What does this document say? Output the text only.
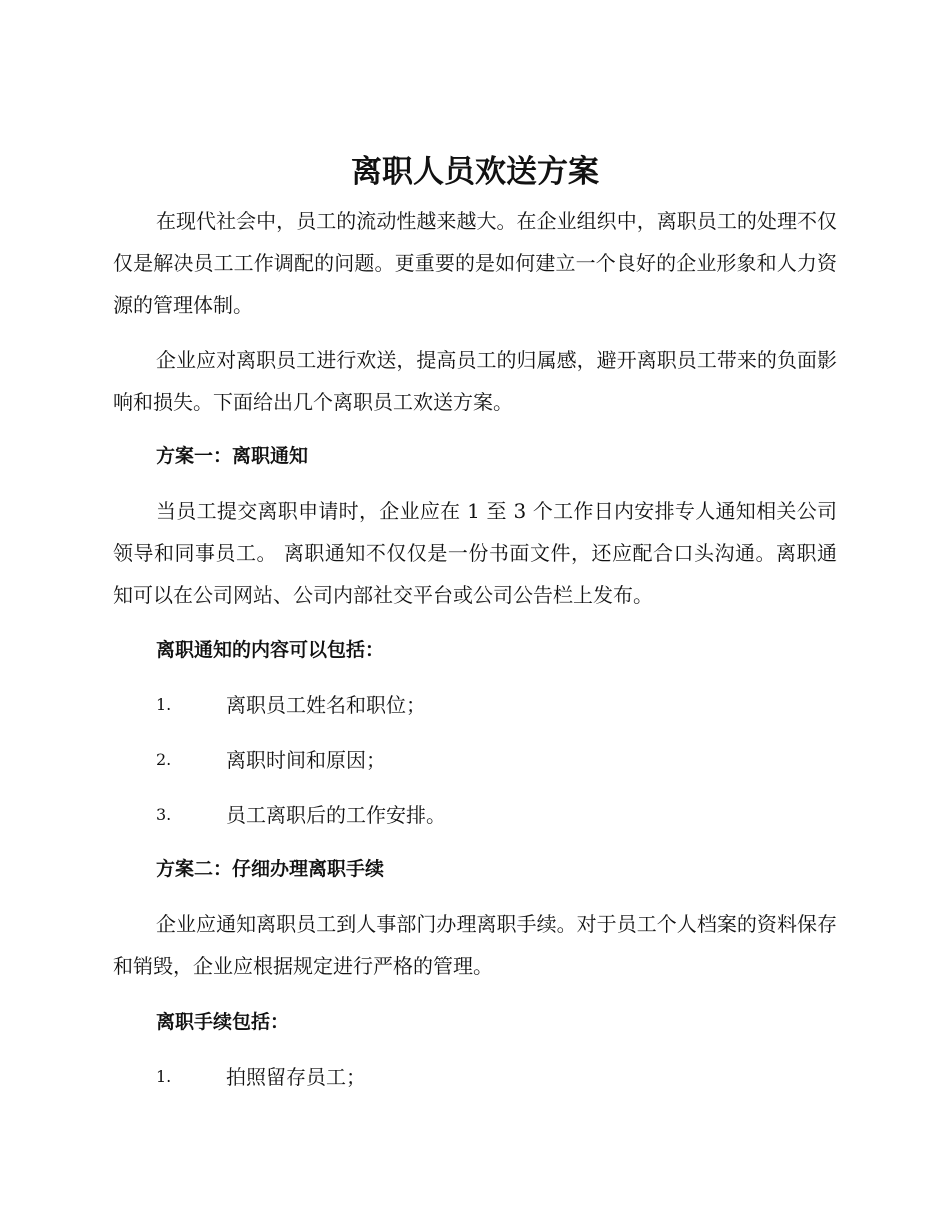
离职人员欢送方案

在现代社会中，员工的流动性越来越大。在企业组织中，离职员工的处理不仅仅是解决员工工作调配的问题。更重要的是如何建立一个良好的企业形象和人力资源的管理体制。

企业应对离职员工进行欢送，提高员工的归属感，避开离职员工带来的负面影响和损失。下面给出几个离职员工欢送方案。

方案一：离职通知

当员工提交离职申请时，企业应在 1 至 3 个工作日内安排专人通知相关公司领导和同事员工。 离职通知不仅仅是一份书面文件，还应配合口头沟通。离职通知可以在公司网站、公司内部社交平台或公司公告栏上发布。

离职通知的内容可以包括：
1.	离职员工姓名和职位；
2.	离职时间和原因；
3.	员工离职后的工作安排。
方案二：仔细办理离职手续

企业应通知离职员工到人事部门办理离职手续。对于员工个人档案的资料保存和销毁，企业应根据规定进行严格的管理。

离职手续包括：
1.	拍照留存员工；
